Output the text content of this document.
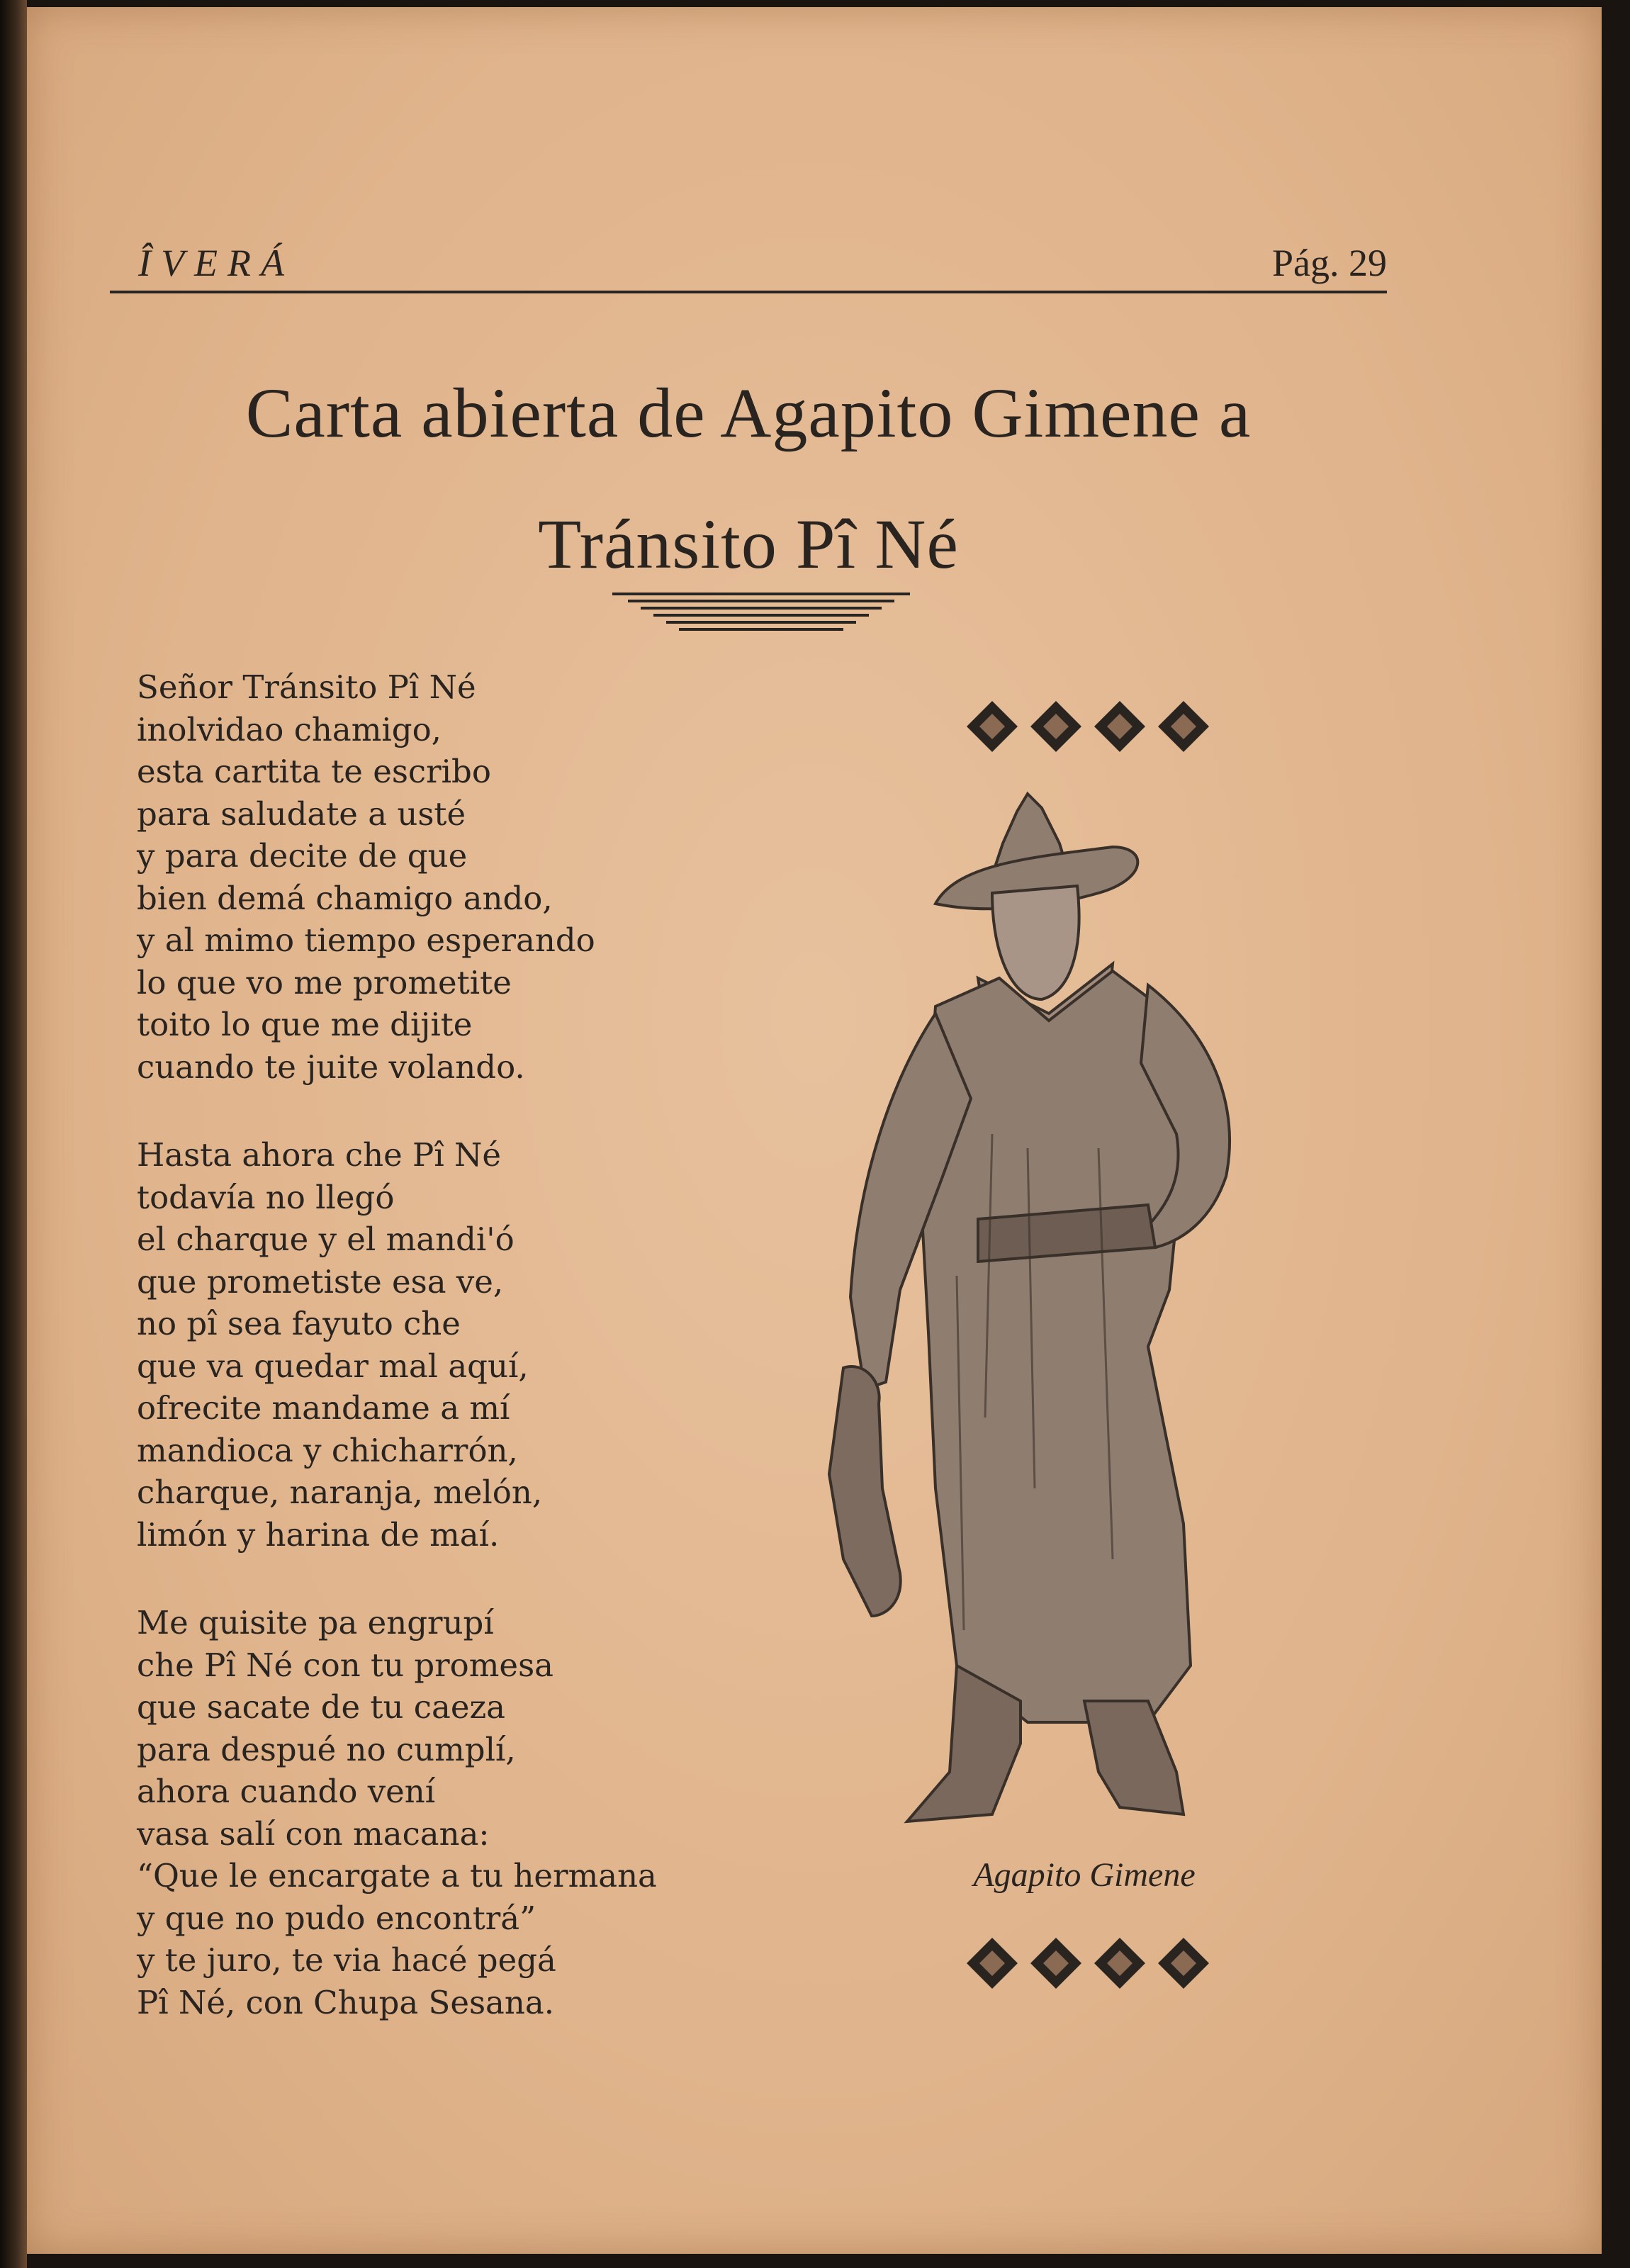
ÎVERÁ	Pág. 29
Carta abierta de Agapito Gimene a
Tránsito Pî Né
Señor Tránsito Pî Né
inolvidao chamigo,
esta cartita te escribo
para saludate a usté
y para decite de que
bien demá chamigo ando,
y al mimo tiempo esperando
lo que vo me prometite
toito lo que me dijite
cuando te juite volando.
Hasta ahora che Pî Né
todavía no llegó
el charque y el mandi'ó
que prometiste esa ve,
no pî sea fayuto che
que va quedar mal aquí,
ofrecite mandame a mí
mandioca y chicharrón,
charque, naranja, melón,
limón y harina de maí.
Me quisite pa engrupí
che Pî Né con tu promesa
que sacate de tu caeza
para despué no cumplí,
ahora cuando vení
vasa salí con macana:
“Que le encargate a tu hermana
y que no pudo encontrá”
y te juro, te via hacé pegá
Pî Né, con Chupa Sesana.
Agapito Gimene
